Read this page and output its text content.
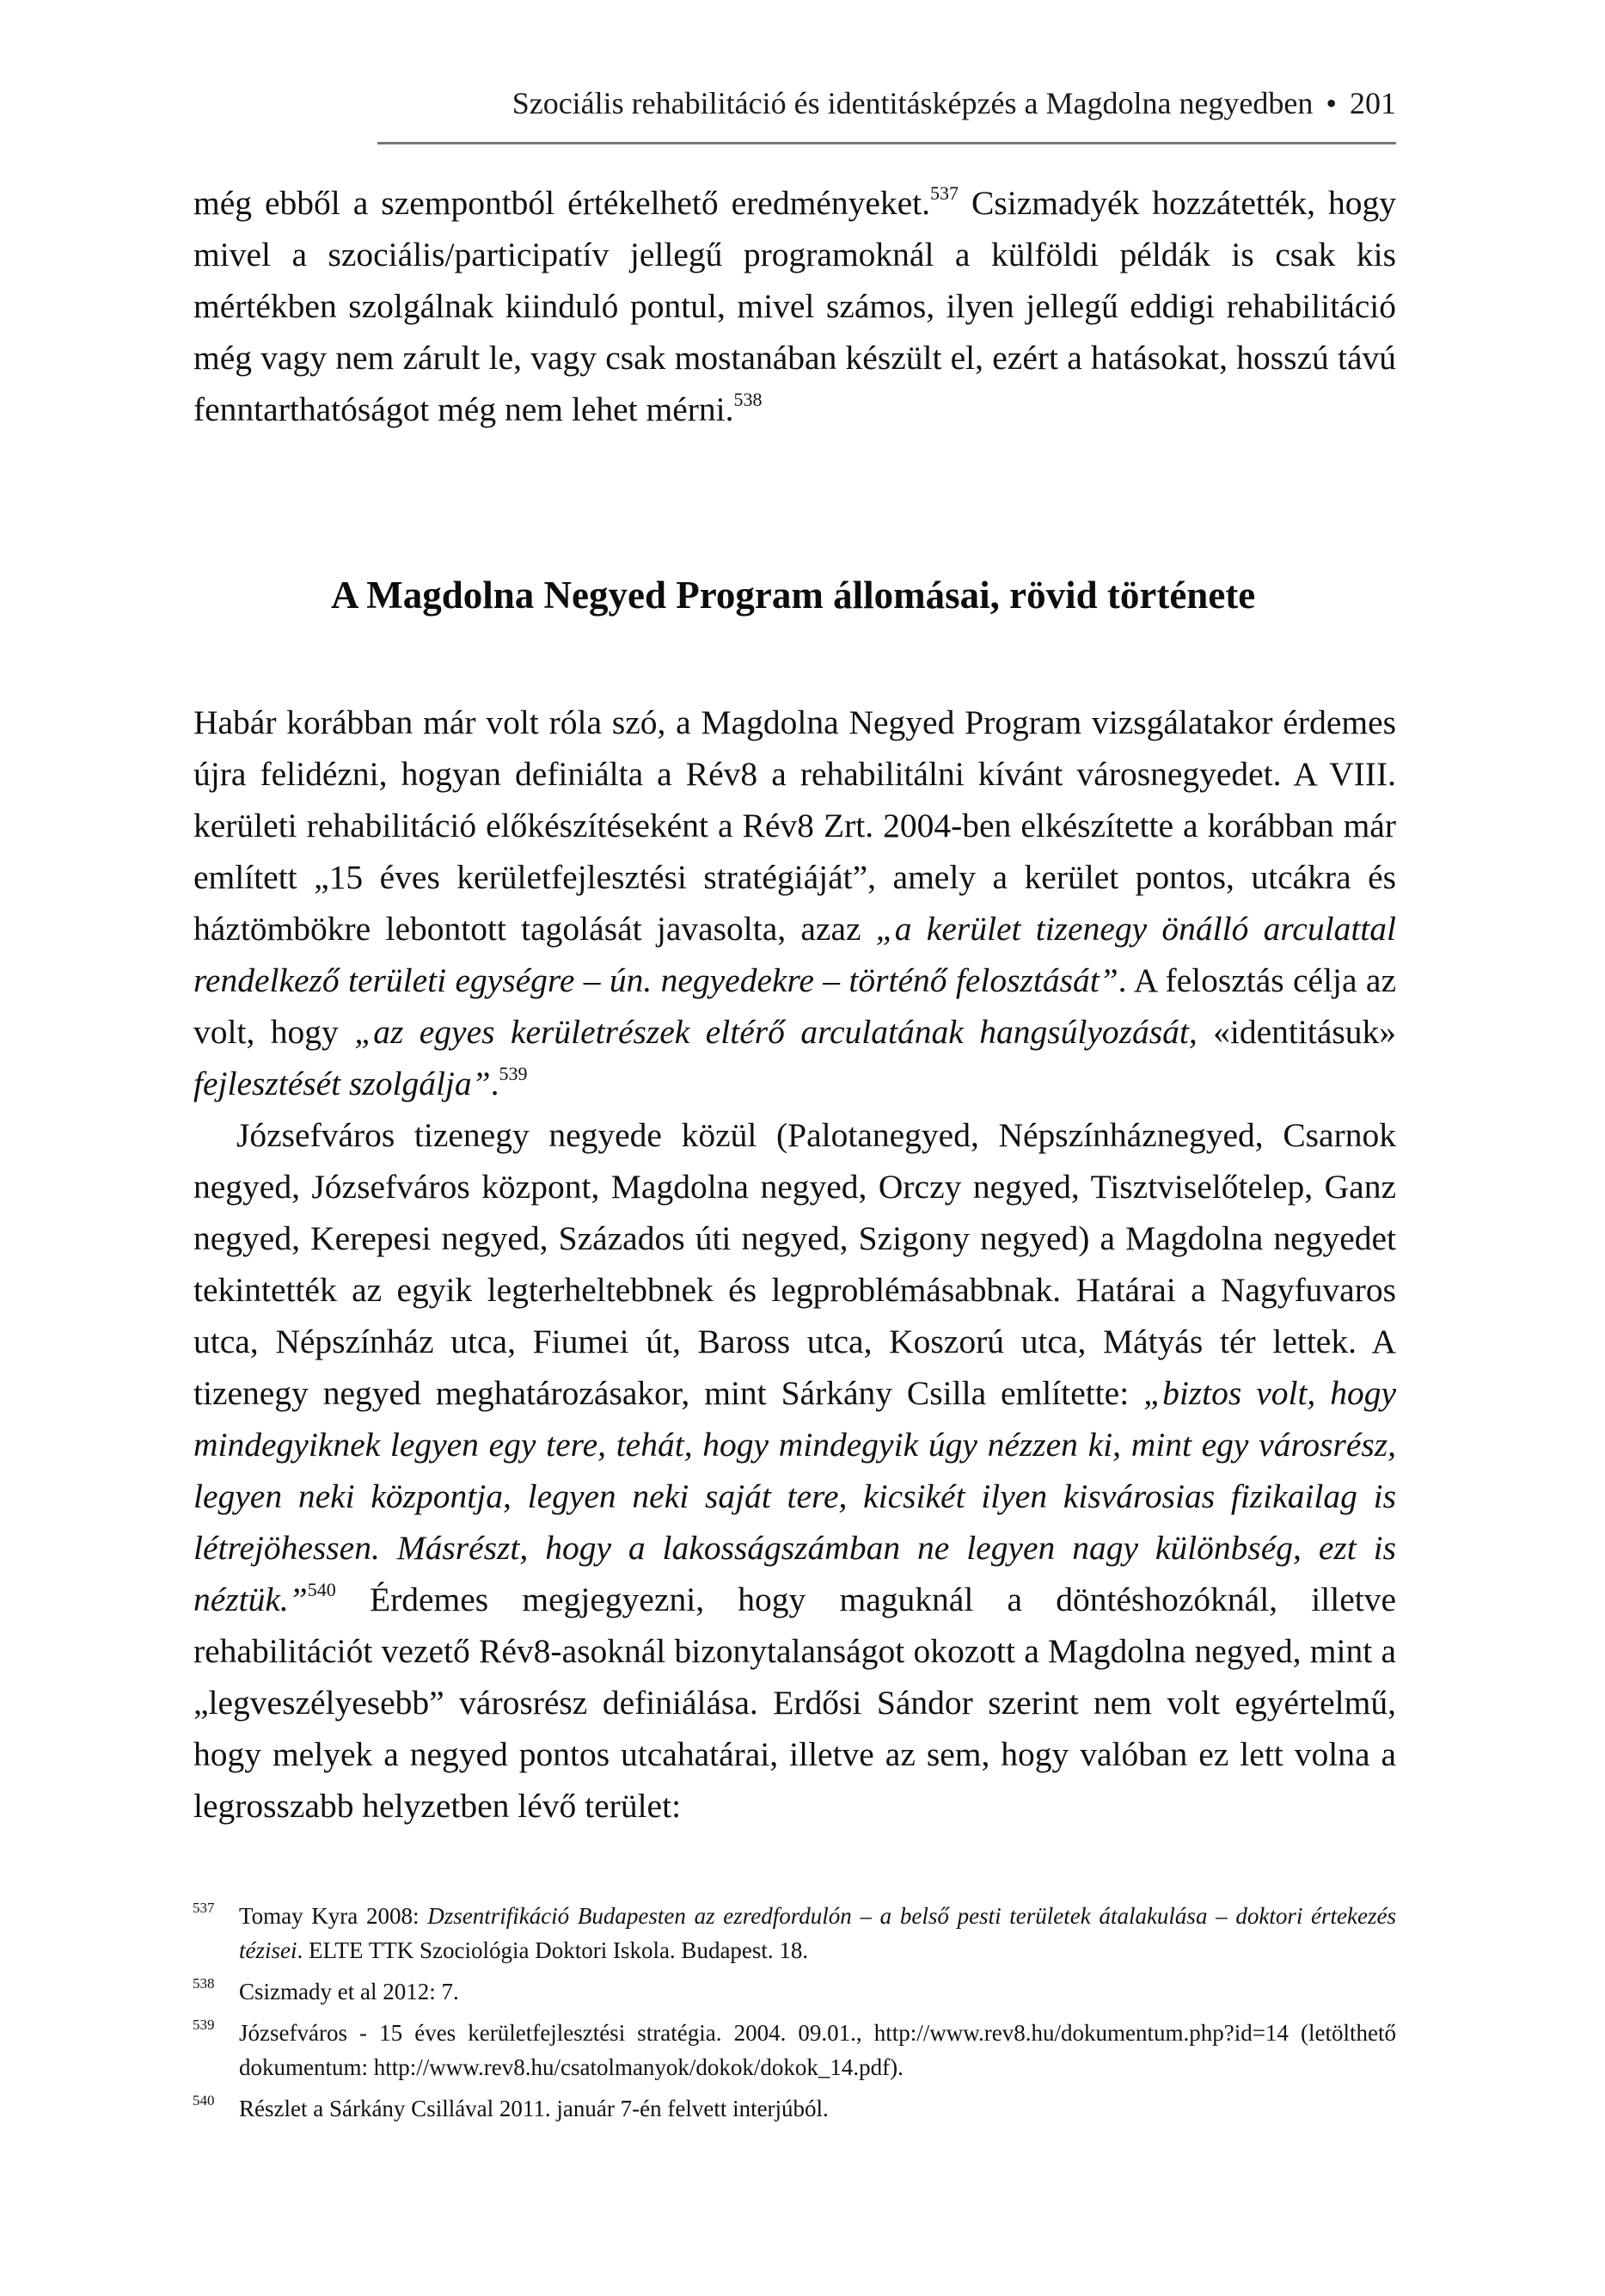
Szociális rehabilitáció és identitásképzés a Magdolna negyedben • 201

még ebből a szempontból értékelhető eredményeket.$^{537}$ Csizmadyék hozzátették, hogy mivel a szociális/participatív jellegű programoknál a külföldi példák is csak kis mértékben szolgálnak kiinduló pontul, mivel számos, ilyen jellegű eddigi rehabilitáció még vagy nem zárult le, vagy csak mostanában készült el, ezért a hatásokat, hosszú távú fenntarthatóságot még nem lehet mérni.$^{538}$

A Magdolna Negyed Program állomásai, rövid története

Habár korábban már volt róla szó, a Magdolna Negyed Program vizsgálatakor érdemes újra felidézni, hogyan definiálta a Rév8 a rehabilitálni kívánt városnegyedet. A VIII. kerületi rehabilitáció előkészítéseként a Rév8 Zrt. 2004-ben elkészítette a korábban már említett „15 éves kerületfejlesztési stratégiáját”, amely a kerület pontos, utcákra és háztömbökre lebontott tagolását javasolta, azaz „a kerület tizenegy önálló arculattal rendelkező területi egységre – ún. negyedekre – történő felosztását”. A felosztás célja az volt, hogy „az egyes kerületrészek eltérő arculatának hangsúlyozását, «identitásuk» fejlesztését szolgálja”.$^{539}$

Józsefváros tizenegy negyede közül (Palotanegyed, Népszínháznegyed, Csarnok negyed, Józsefváros központ, Magdolna negyed, Orczy negyed, Tisztviselőtelep, Ganz negyed, Kerepesi negyed, Százados úti negyed, Szigony negyed) a Magdolna negyedet tekintették az egyik legterheltebbnek és legproblémásabbnak. Határai a Nagyfuvaros utca, Népszínház utca, Fiumei út, Baross utca, Koszorú utca, Mátyás tér lettek. A tizenegy negyed meghatározásakor, mint Sárkány Csilla említette: „biztos volt, hogy mindegyiknek legyen egy tere, tehát, hogy mindegyik úgy nézzen ki, mint egy városrész, legyen neki központja, legyen neki saját tere, kicsikét ilyen kisvárosias fizikailag is létrejöhessen. Másrészt, hogy a lakosságszámban ne legyen nagy különbség, ezt is néztük.”$^{540}$ Érdemes megjegyezni, hogy maguknál a döntéshozóknál, illetve rehabilitációt vezető Rév8-asoknál bizonytalanságot okozott a Magdolna negyed, mint a „legveszélyesebb” városrész definiálása. Erdősi Sándor szerint nem volt egyértelmű, hogy melyek a negyed pontos utcahatárai, illetve az sem, hogy valóban ez lett volna a legrosszabb helyzetben lévő terület:

537 Tomay Kyra 2008: Dzsentrifikáció Budapesten az ezredfordulón – a belső pesti területek átalakulása – doktori értekezés tézisei. ELTE TTK Szociológia Doktori Iskola. Budapest. 18.
538 Csizmady et al 2012: 7.
539 Józsefváros - 15 éves kerületfejlesztési stratégia. 2004. 09.01., http://www.rev8.hu/dokumentum.php?id=14 (letölthető dokumentum: http://www.rev8.hu/csatolmanyok/dokok/dokok_14.pdf).
540 Részlet a Sárkány Csillával 2011. január 7-én felvett interjúból.
